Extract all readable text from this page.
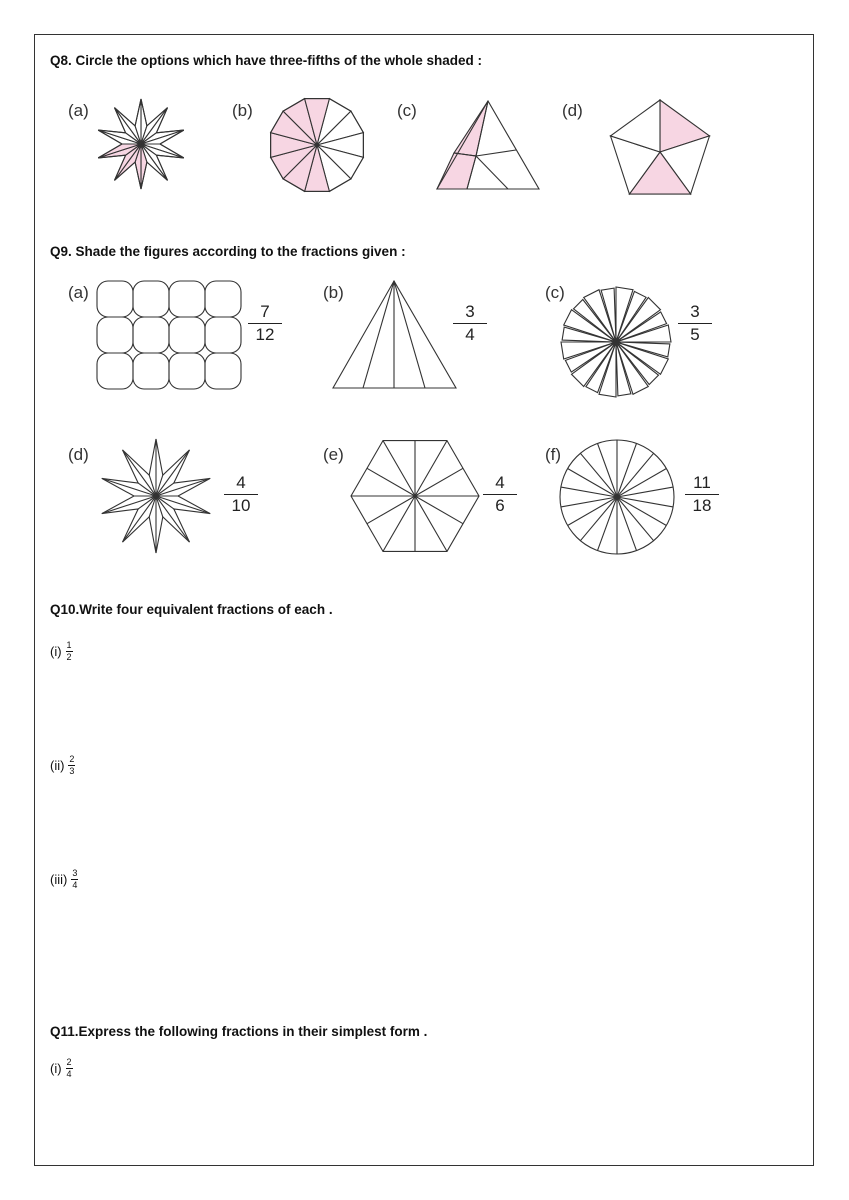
Q8. Circle the options which have three-fifths of the whole shaded :
(a)	(b)	(c)	(d)
Q9. Shade the figures according to the fractions given :
(a)	(b)	(c)
(d)	(e)	(f)
7
12
3
4
3
5
4
10
4
6
11
18
Q10.Write four equivalent fractions of each .
(i) 1
2
(ii) 2
3
(iii) 3
4
Q11.Express the following fractions in their simplest form .
(i) 2
4
